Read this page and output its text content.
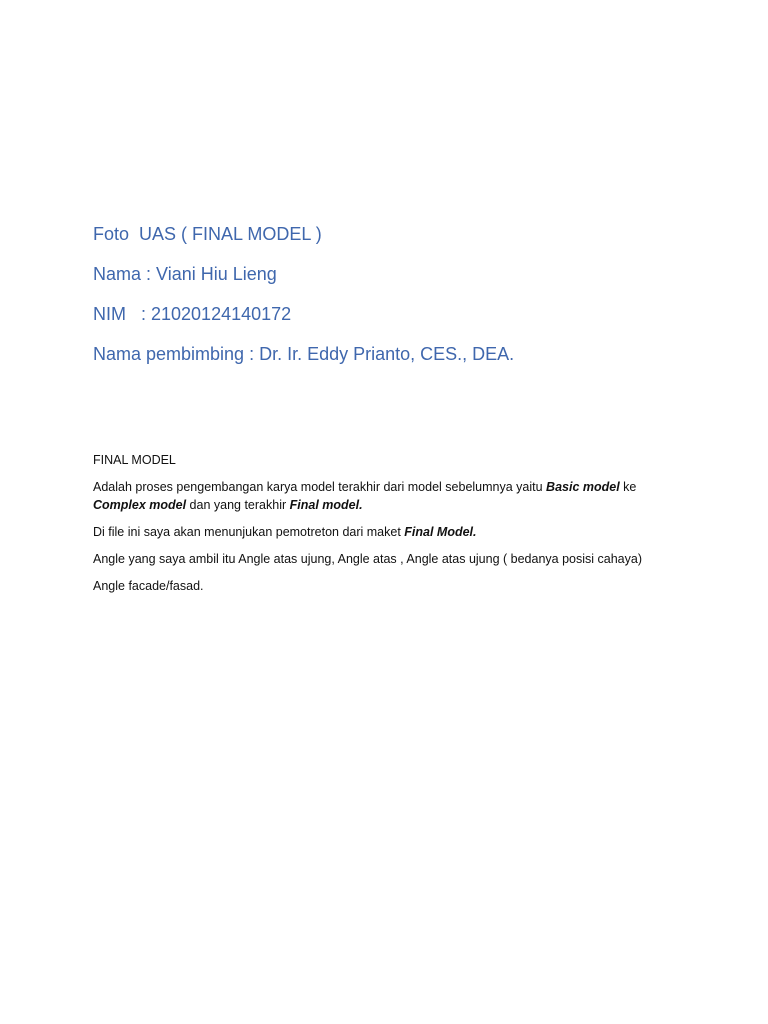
Foto  UAS ( FINAL MODEL )
Nama : Viani Hiu Lieng
NIM   : 21020124140172
Nama pembimbing : Dr. Ir. Eddy Prianto, CES., DEA.

FINAL MODEL

Adalah proses pengembangan karya model terakhir dari model sebelumnya yaitu Basic model ke
Complex model dan yang terakhir Final model.

Di file ini saya akan menunjukan pemotreton dari maket Final Model.

Angle yang saya ambil itu Angle atas ujung, Angle atas , Angle atas ujung ( bedanya posisi cahaya)

Angle facade/fasad.
